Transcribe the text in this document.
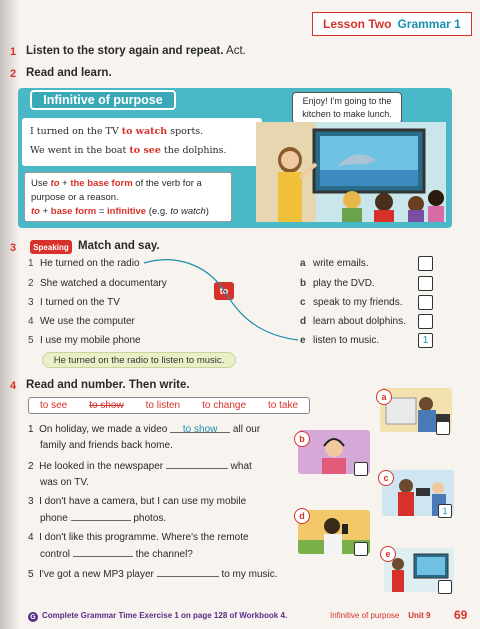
Lesson Two Grammar 1
1 Listen to the story again and repeat. Act.
2 Read and learn.
Infinitive of purpose
I turned on the TV to watch sports.
We went in the boat to see the dolphins.
Use to + the base form of the verb for a
purpose or a reason.
to + base form = infinitive (e.g. to watch)
Enjoy! I'm going to the kitchen to make lunch.
3	Speaking Match and say.
1 He turned on the radio
2 She watched a documentary
3 I turned on the TV
4 We use the computer
5 I use my mobile phone
to
a write emails.
b play the DVD.
c speak to my friends.
d learn about dolphins.
e listen to music.	1
He turned on the radio to listen to music.
4 Read and number. Then write.
to see to show to listen to change to take
1 On holiday, we made a video to show all our
family and friends back home.
2 He looked in the newspaper	what
was on TV.
3 I don't have a camera, but I can use my mobile
phone	photos.
4 I don't like this programme. Where's the remote
control	the channel?
5 I've got a new MP3 player	to my music.
a
b
c
1
d
e
G Complete Grammar Time Exercise 1 on page 128 of Workbook 4.	Infinitive of purpose Unit 9 69
